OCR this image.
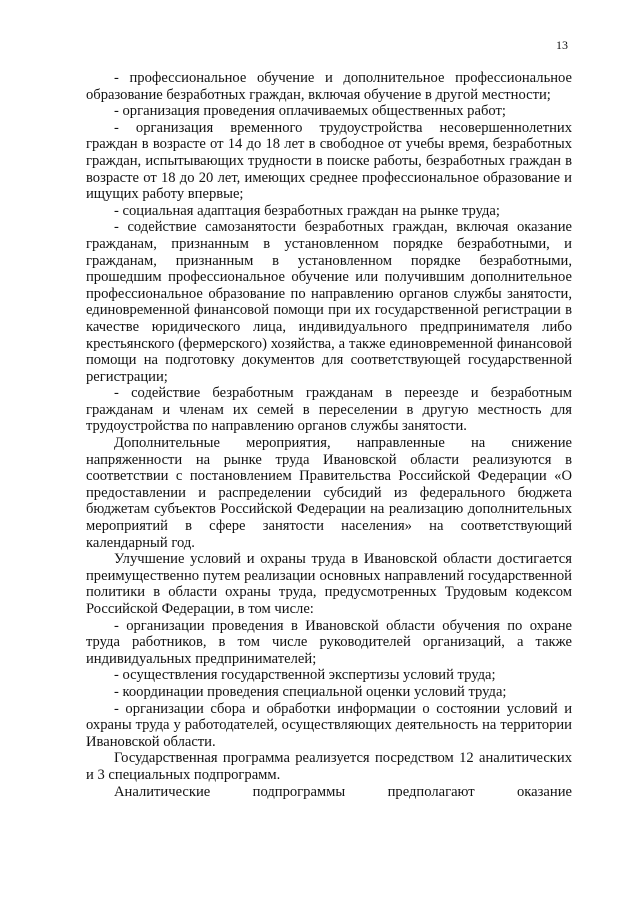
13

- профессиональное обучение и дополнительное профессиональное образование безработных граждан, включая обучение в другой местности;

- организация проведения оплачиваемых общественных работ;

- организация временного трудоустройства несовершеннолетних граждан в возрасте от 14 до 18 лет в свободное от учебы время, безработных граждан, испытывающих трудности в поиске работы, безработных граждан в возрасте от 18 до 20 лет, имеющих среднее профессиональное образование и ищущих работу впервые;

- социальная адаптация безработных граждан на рынке труда;

- содействие самозанятости безработных граждан, включая оказание гражданам, признанным в установленном порядке безработными, и гражданам, признанным в установленном порядке безработными, прошедшим профессиональное обучение или получившим дополнительное профессиональное образование по направлению органов службы занятости, единовременной финансовой помощи при их государственной регистрации в качестве юридического лица, индивидуального предпринимателя либо крестьянского (фермерского) хозяйства, а также единовременной финансовой помощи на подготовку документов для соответствующей государственной регистрации;

- содействие безработным гражданам в переезде и безработным гражданам и членам их семей в переселении в другую местность для трудоустройства по направлению органов службы занятости.

Дополнительные мероприятия, направленные на снижение напряженности на рынке труда Ивановской области реализуются в соответствии с постановлением Правительства Российской Федерации «О предоставлении и распределении субсидий из федерального бюджета бюджетам субъектов Российской Федерации на реализацию дополнительных мероприятий в сфере занятости населения» на соответствующий календарный год.

Улучшение условий и охраны труда в Ивановской области достигается преимущественно путем реализации основных направлений государственной политики в области охраны труда, предусмотренных Трудовым кодексом Российской Федерации, в том числе:

- организации проведения в Ивановской области обучения по охране труда работников, в том числе руководителей организаций, а также индивидуальных предпринимателей;

- осуществления государственной экспертизы условий труда;

- координации проведения специальной оценки условий труда;

- организации сбора и обработки информации о состоянии условий и охраны труда у работодателей, осуществляющих деятельность на территории Ивановской области.

Государственная программа реализуется посредством 12 аналитических и 3 специальных подпрограмм.

Аналитические подпрограммы предполагают оказание
